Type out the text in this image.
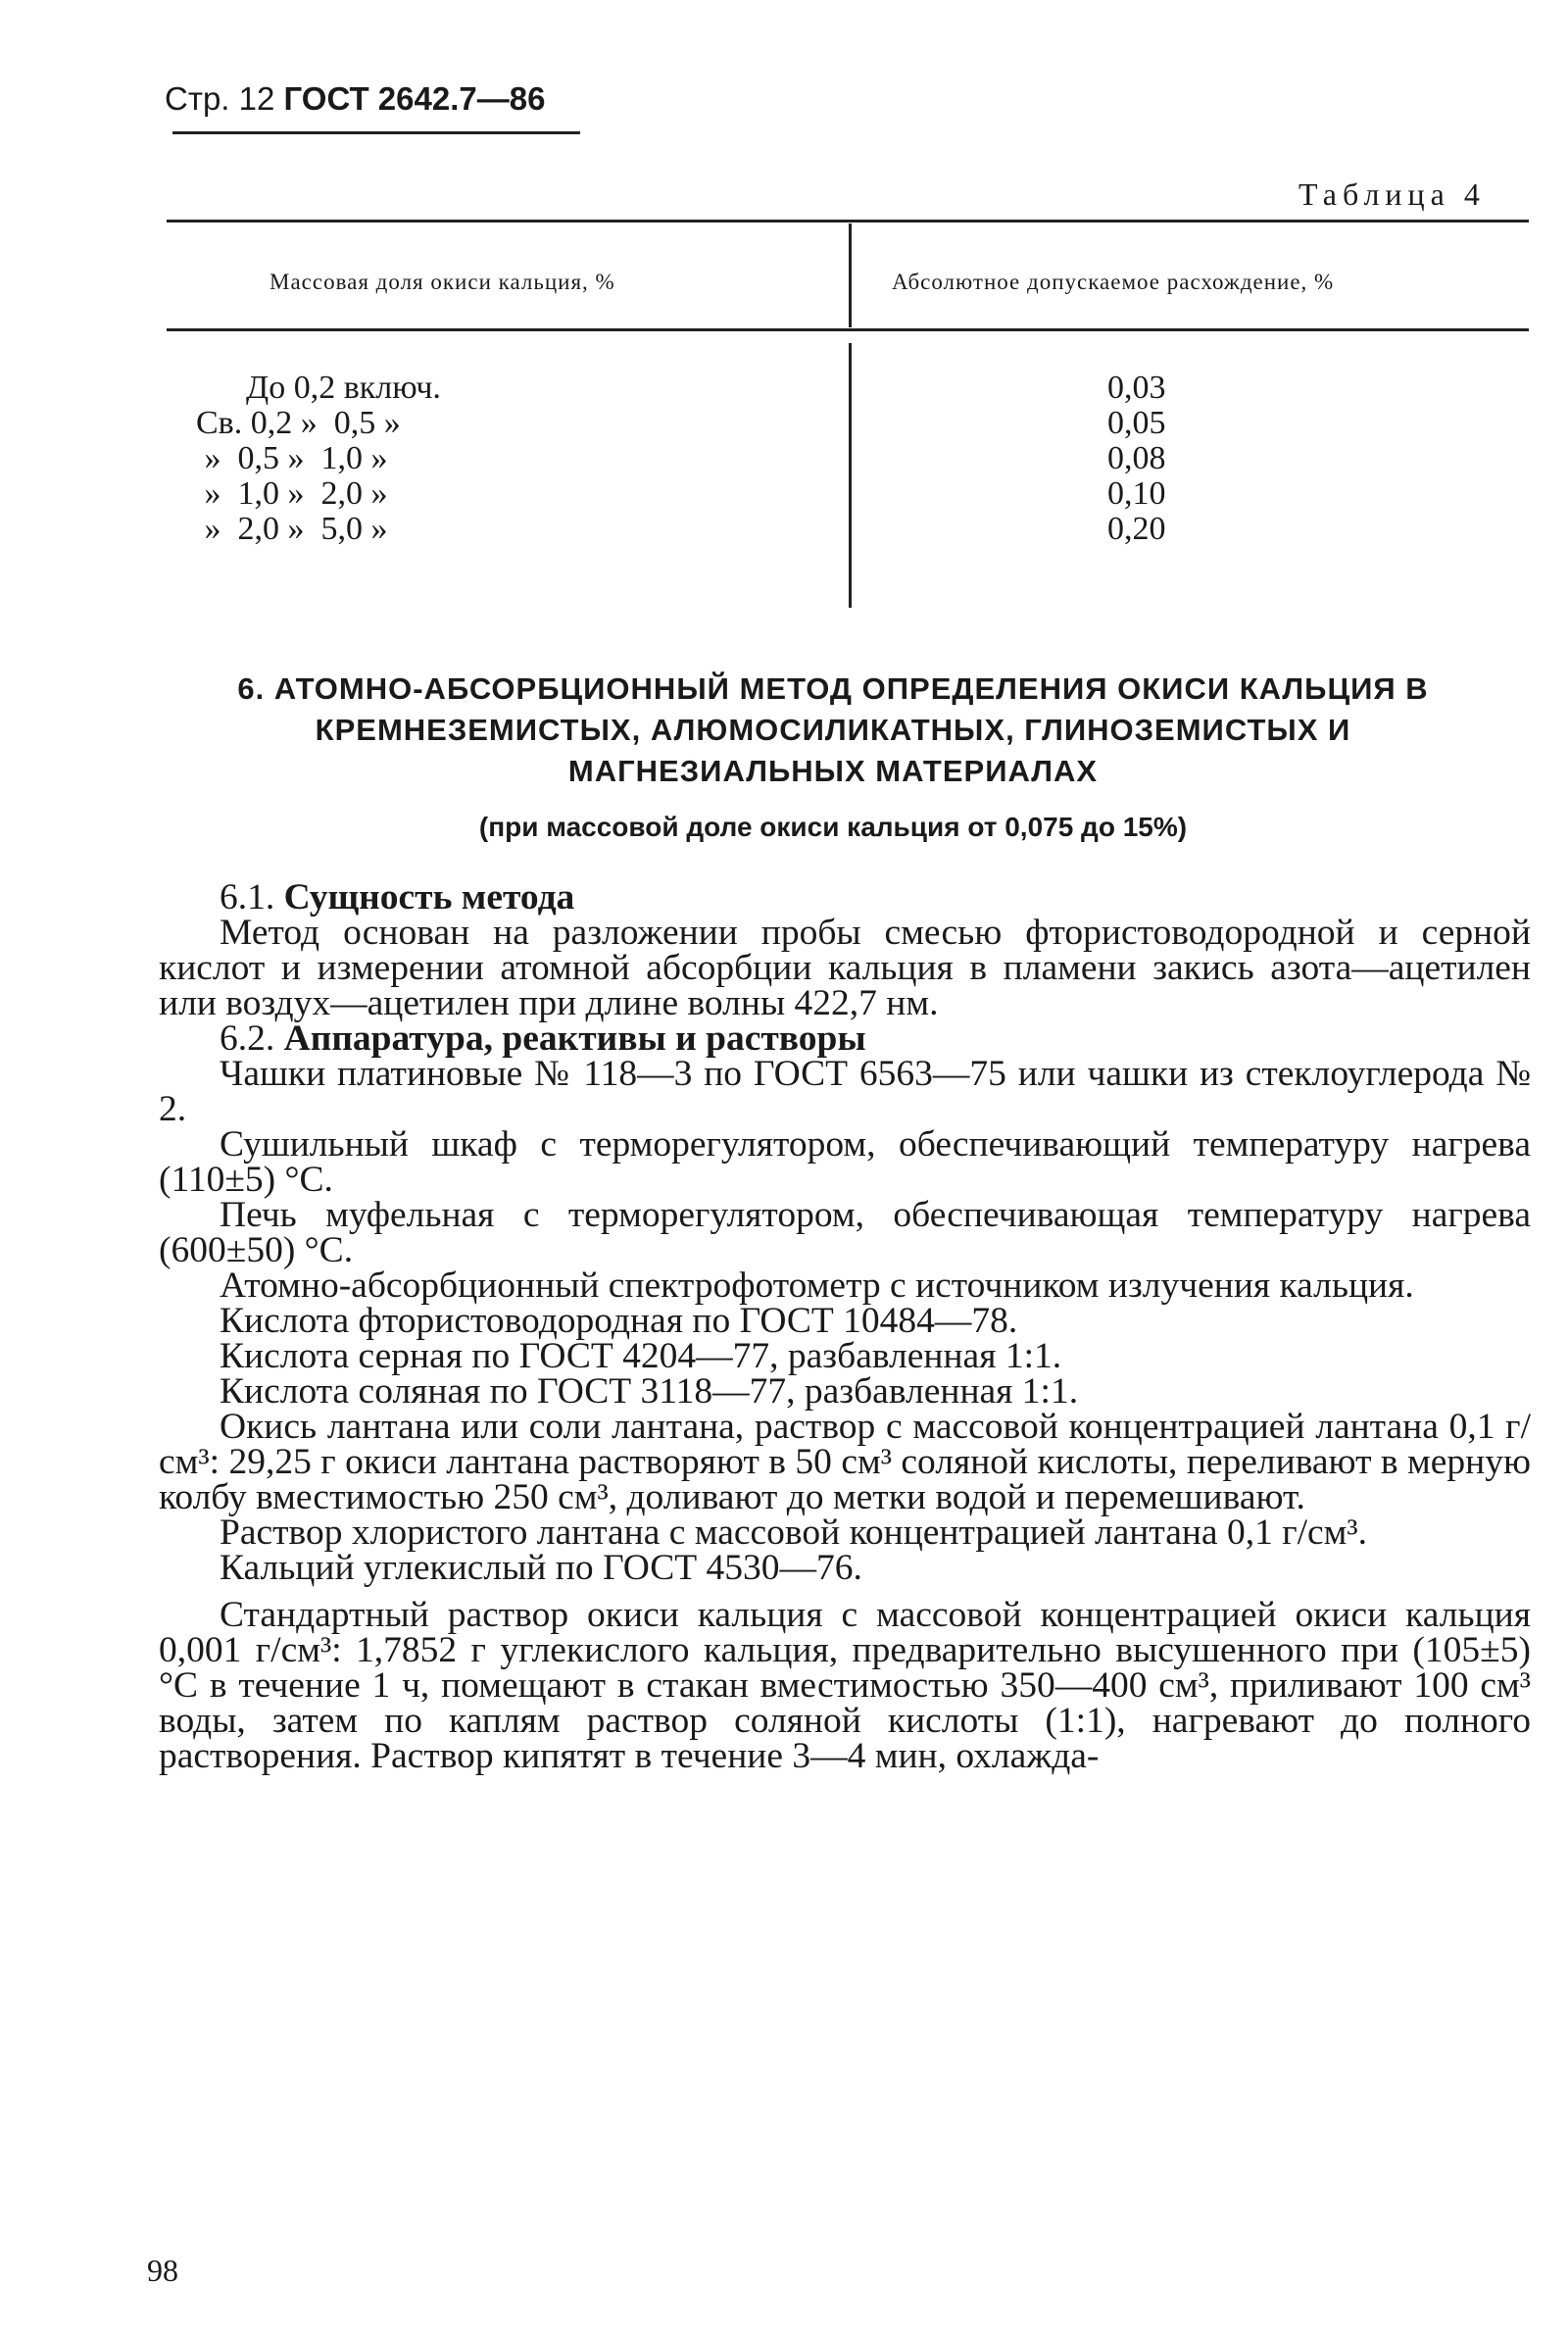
Стр. 12 ГОСТ 2642.7—86
Таблица 4
Массовая доля окиси кальция, %	Абсолютное допускаемое расхождение, %
До 0,2 включ.
Св. 0,2 »  0,5 »
»  0,5 »  1,0 »
»  1,0 »  2,0 »
»  2,0 »  5,0 »
0,03
0,05
0,08
0,10
0,20
6. АТОМНО-АБСОРБЦИОННЫЙ МЕТОД ОПРЕДЕЛЕНИЯ ОКИСИ КАЛЬЦИЯ В
КРЕМНЕЗЕМИСТЫХ, АЛЮМОСИЛИКАТНЫХ, ГЛИНОЗЕМИСТЫХ И
МАГНЕЗИАЛЬНЫХ МАТЕРИАЛАХ
(при массовой доле окиси кальция от 0,075 до 15%)
6.1. Сущность метода
Метод основан на разложении пробы смесью фтористоводородной и серной кислот и измерении атомной абсорбции кальция в пламени закись азота—ацетилен или воздух—ацетилен при длине волны 422,7 нм.
6.2. Аппаратура, реактивы и растворы
Чашки платиновые № 118—3 по ГОСТ 6563—75 или чашки из стеклоуглерода № 2.
Сушильный шкаф с терморегулятором, обеспечивающий температуру нагрева (110±5) °С.
Печь муфельная с терморегулятором, обеспечивающая температуру нагрева (600±50) °С.
Атомно-абсорбционный спектрофотометр с источником излучения кальция.
Кислота фтористоводородная по ГОСТ 10484—78.
Кислота серная по ГОСТ 4204—77, разбавленная 1:1.
Кислота соляная по ГОСТ 3118—77, разбавленная 1:1.
Окись лантана или соли лантана, раствор с массовой концентрацией лантана 0,1 г/см³: 29,25 г окиси лантана растворяют в 50 см³ соляной кислоты, переливают в мерную колбу вместимостью 250 см³, доливают до метки водой и перемешивают.
Раствор хлористого лантана с массовой концентрацией лантана 0,1 г/см³.
Кальций углекислый по ГОСТ 4530—76.
Стандартный раствор окиси кальция с массовой концентрацией окиси кальция 0,001 г/см³: 1,7852 г углекислого кальция, предварительно высушенного при (105±5) °С в течение 1 ч, помещают в стакан вместимостью 350—400 см³, приливают 100 см³ воды, затем по каплям раствор соляной кислоты (1:1), нагревают до полного растворения. Раствор кипятят в течение 3—4 мин, охлажда-
98
